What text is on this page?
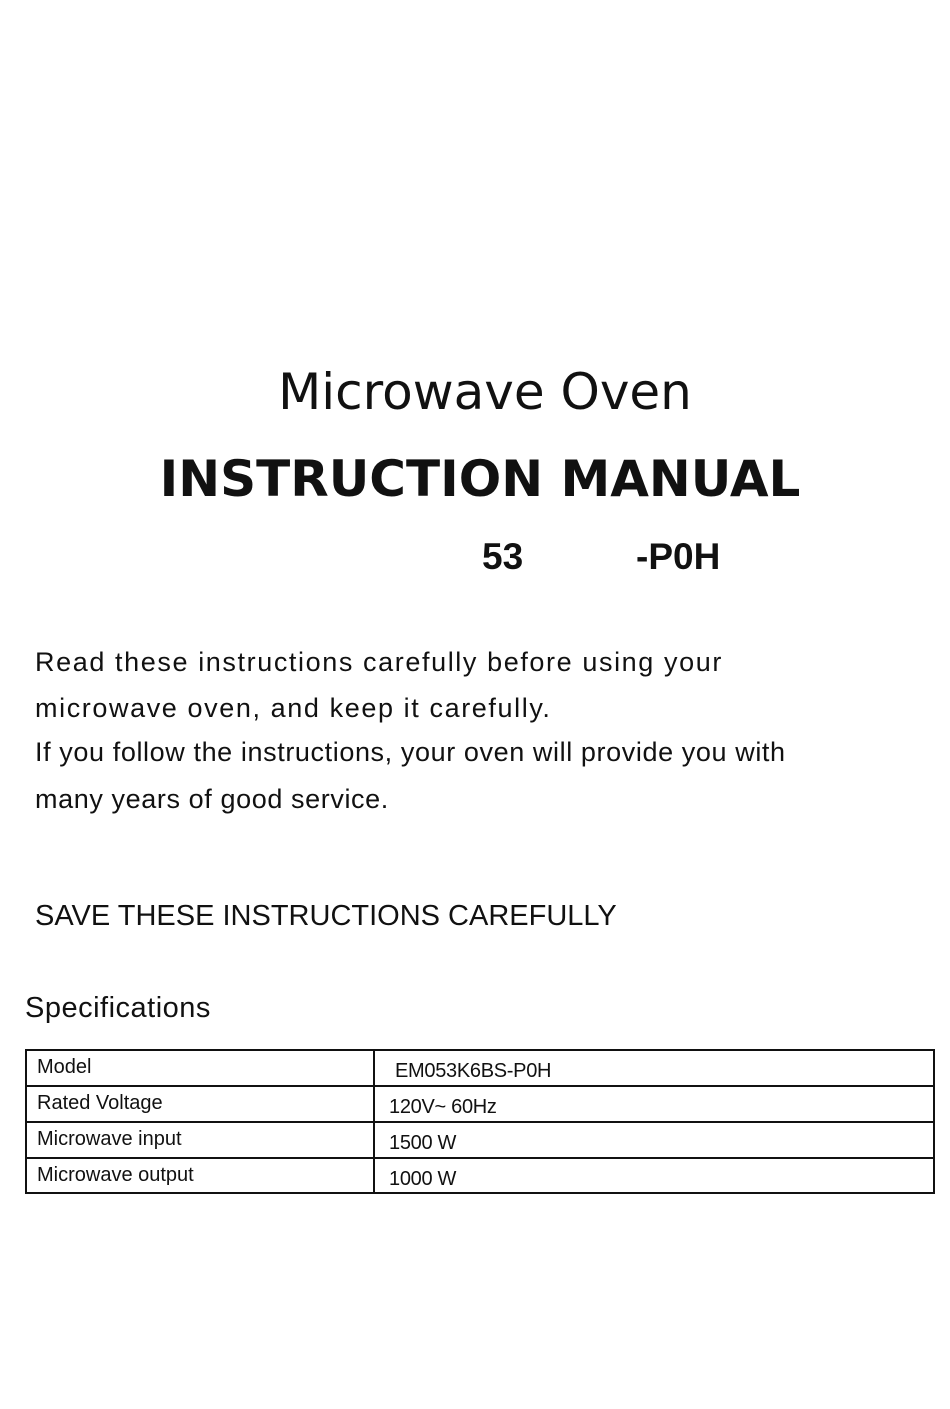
Microwave Oven
INSTRUCTION MANUAL
53	-P0H
Read these instructions carefully before using your
microwave oven, and keep it carefully.
If you follow the instructions, your oven will provide you with
many years of good service.
SAVE THESE INSTRUCTIONS CAREFULLY
Specifications
Model	EM053K6BS-P0H
Rated Voltage	120V~ 60Hz
Microwave input	1500 W
Microwave output	1000 W
